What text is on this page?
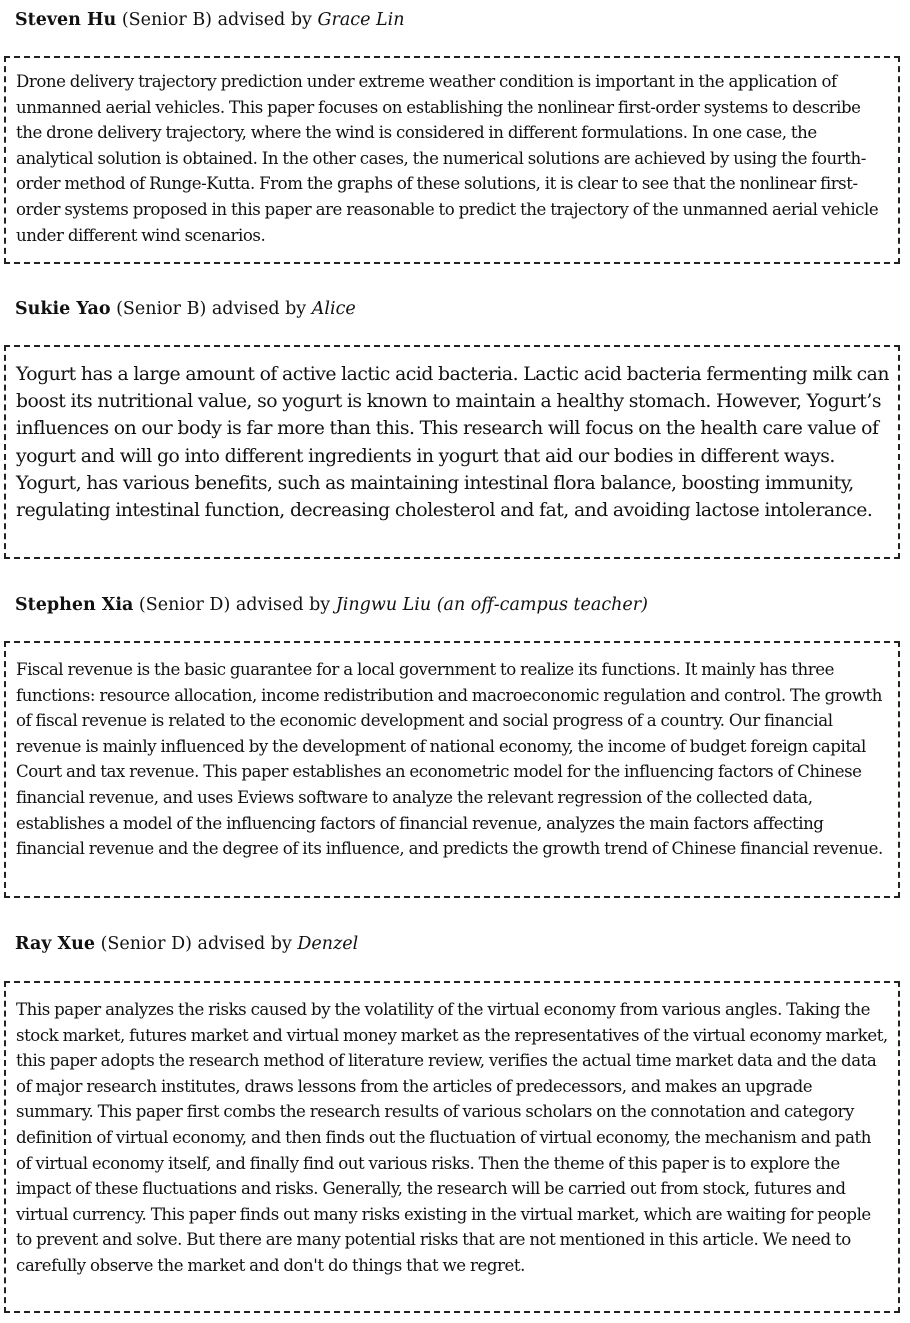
Steven Hu (Senior B) advised by Grace Lin

Drone delivery trajectory prediction under extreme weather condition is important in the application of unmanned aerial vehicles. This paper focuses on establishing the nonlinear first-order systems to describe the drone delivery trajectory, where the wind is considered in different formulations. In one case, the analytical solution is obtained. In the other cases, the numerical solutions are achieved by using the fourth-order method of Runge-Kutta. From the graphs of these solutions, it is clear to see that the nonlinear first-order systems proposed in this paper are reasonable to predict the trajectory of the unmanned aerial vehicle under different wind scenarios.

Sukie Yao (Senior B) advised by Alice

Yogurt has a large amount of active lactic acid bacteria. Lactic acid bacteria fermenting milk can boost its nutritional value, so yogurt is known to maintain a healthy stomach. However, Yogurt’s influences on our body is far more than this. This research will focus on the health care value of yogurt and will go into different ingredients in yogurt that aid our bodies in different ways. Yogurt, has various benefits, such as maintaining intestinal flora balance, boosting immunity, regulating intestinal function, decreasing cholesterol and fat, and avoiding lactose intolerance.

Stephen Xia (Senior D) advised by Jingwu Liu (an off-campus teacher)

Fiscal revenue is the basic guarantee for a local government to realize its functions. It mainly has three functions: resource allocation, income redistribution and macroeconomic regulation and control. The growth of fiscal revenue is related to the economic development and social progress of a country. Our financial revenue is mainly influenced by the development of national economy, the income of budget foreign capital Court and tax revenue. This paper establishes an econometric model for the influencing factors of Chinese financial revenue, and uses Eviews software to analyze the relevant regression of the collected data, establishes a model of the influencing factors of financial revenue, analyzes the main factors affecting financial revenue and the degree of its influence, and predicts the growth trend of Chinese financial revenue.

Ray Xue (Senior D) advised by Denzel

This paper analyzes the risks caused by the volatility of the virtual economy from various angles. Taking the stock market, futures market and virtual money market as the representatives of the virtual economy market, this paper adopts the research method of literature review, verifies the actual time market data and the data of major research institutes, draws lessons from the articles of predecessors, and makes an upgrade summary. This paper first combs the research results of various scholars on the connotation and category definition of virtual economy, and then finds out the fluctuation of virtual economy, the mechanism and path of virtual economy itself, and finally find out various risks. Then the theme of this paper is to explore the impact of these fluctuations and risks. Generally, the research will be carried out from stock, futures and virtual currency. This paper finds out many risks existing in the virtual market, which are waiting for people to prevent and solve. But there are many potential risks that are not mentioned in this article. We need to carefully observe the market and don't do things that we regret.
